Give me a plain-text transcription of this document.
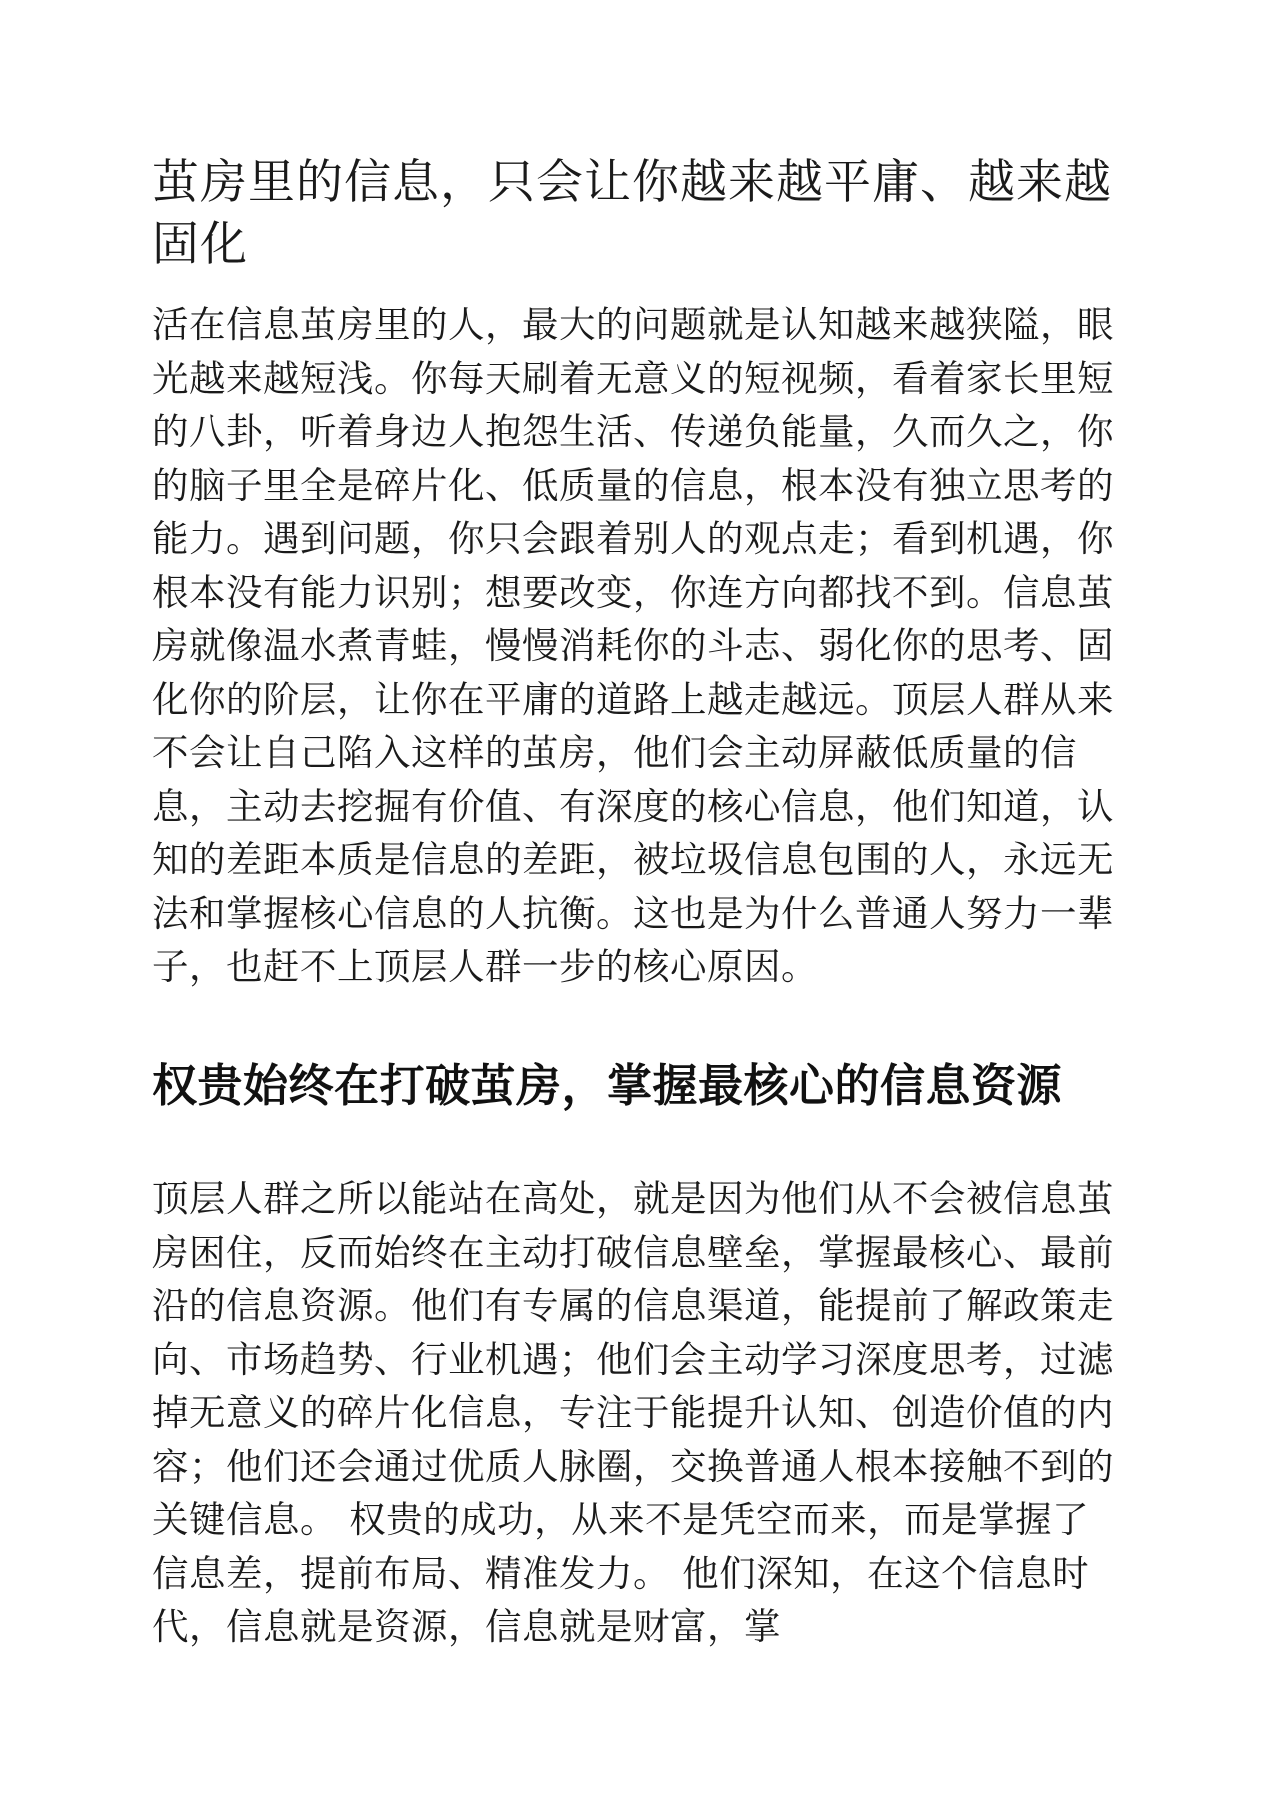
茧房里的信息，只会让你越来越平庸、越来越固化

活在信息茧房里的人，最大的问题就是认知越来越狭隘，眼光越来越短浅。你每天刷着无意义的短视频，看着家长里短的八卦，听着身边人抱怨生活、传递负能量，久而久之，你的脑子里全是碎片化、低质量的信息，根本没有独立思考的能力。遇到问题，你只会跟着别人的观点走；看到机遇，你根本没有能力识别；想要改变，你连方向都找不到。信息茧房就像温水煮青蛙，慢慢消耗你的斗志、弱化你的思考、固化你的阶层，让你在平庸的道路上越走越远。顶层人群从来不会让自己陷入这样的茧房，他们会主动屏蔽低质量的信息，主动去挖掘有价值、有深度的核心信息，他们知道，认知的差距本质是信息的差距，被垃圾信息包围的人，永远无法和掌握核心信息的人抗衡。这也是为什么普通人努力一辈子，也赶不上顶层人群一步的核心原因。

权贵始终在打破茧房，掌握最核心的信息资源

顶层人群之所以能站在高处，就是因为他们从不会被信息茧房困住，反而始终在主动打破信息壁垒，掌握最核心、最前沿的信息资源。他们有专属的信息渠道，能提前了解政策走向、市场趋势、行业机遇；他们会主动学习深度思考，过滤掉无意义的碎片化信息，专注于能提升认知、创造价值的内容；他们还会通过优质人脉圈，交换普通人根本接触不到的关键信息。 权贵的成功，从来不是凭空而来，而是掌握了信息差，提前布局、精准发力。 他们深知，在这个信息时代，信息就是资源，信息就是财富，掌
